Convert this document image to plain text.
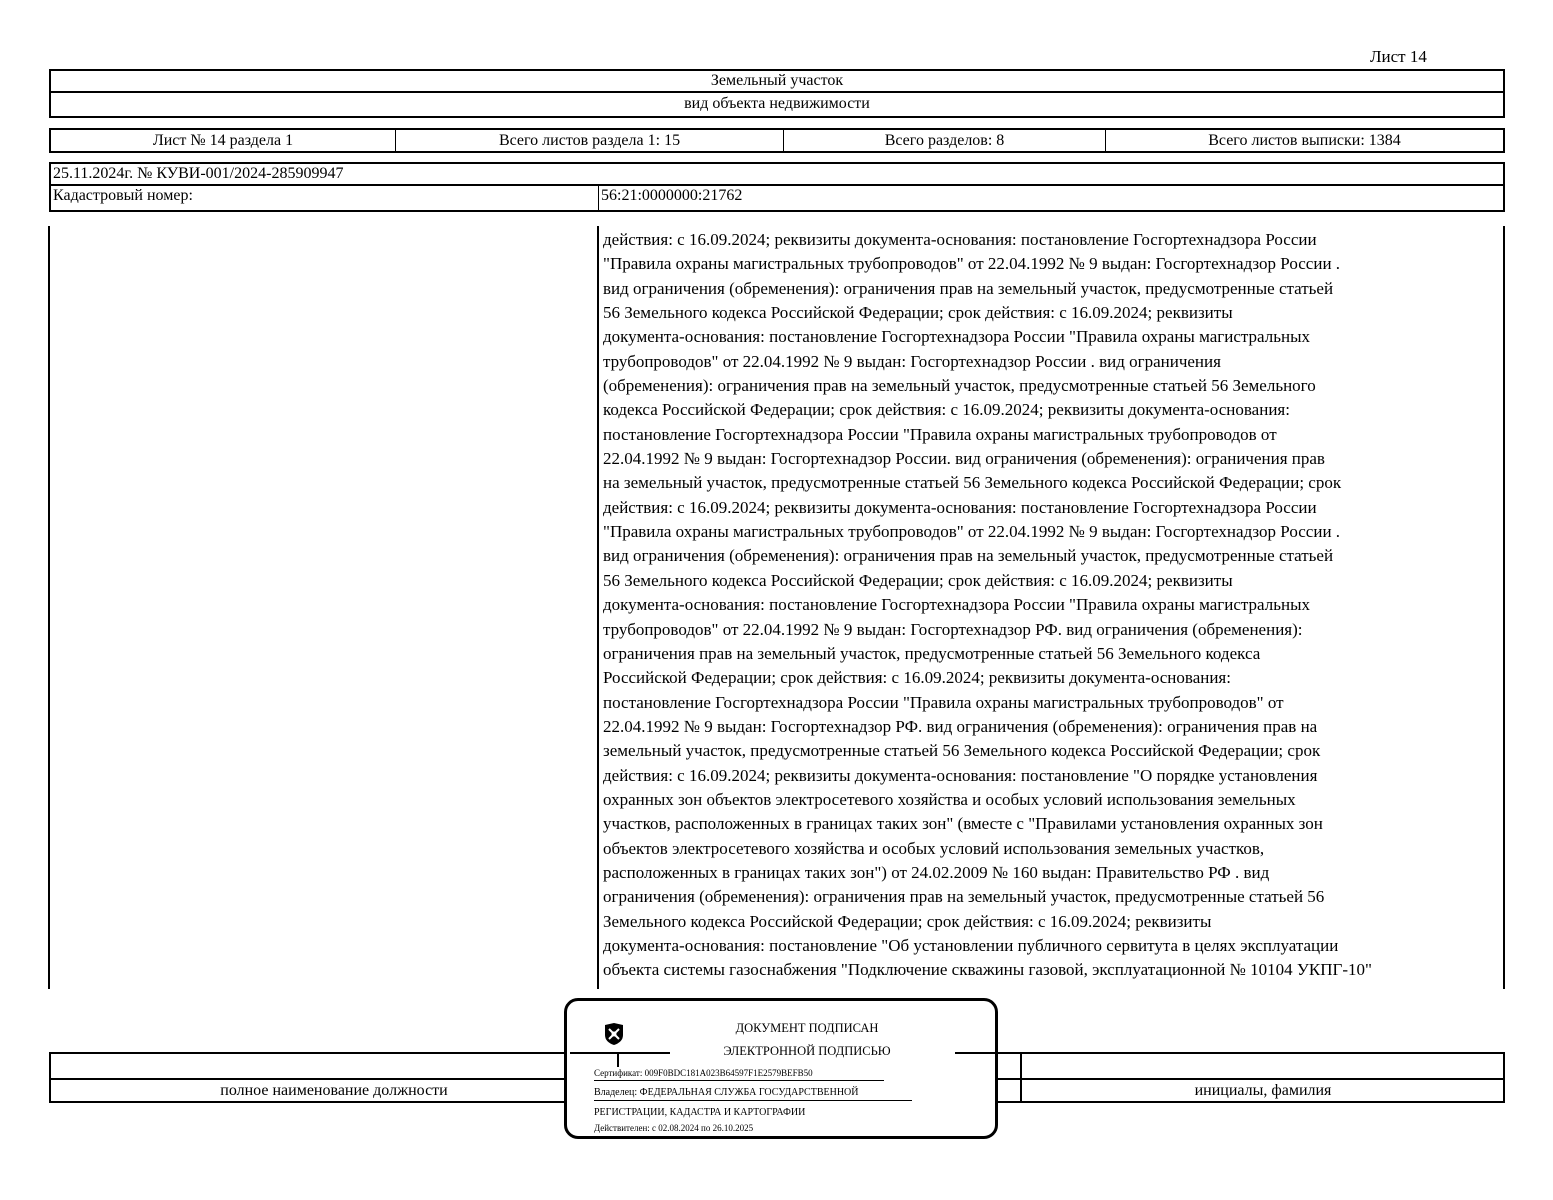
Лист 14
Земельный участок
вид объекта недвижимости
Лист № 14 раздела 1	Всего листов раздела 1: 15	Всего разделов: 8	Всего листов выписки: 1384
25.11.2024г. № КУВИ-001/2024-285909947
Кадастровый номер:	56:21:0000000:21762
действия: с 16.09.2024; реквизиты документа-основания: постановление Госгортехнадзора России
"Правила охраны магистральных трубопроводов" от 22.04.1992 № 9 выдан: Госгортехнадзор России .
вид ограничения (обременения): ограничения прав на земельный участок, предусмотренные статьей
56 Земельного кодекса Российской Федерации; срок действия: с 16.09.2024; реквизиты
документа-основания: постановление Госгортехнадзора России "Правила охраны магистральных
трубопроводов" от 22.04.1992 № 9 выдан: Госгортехнадзор России . вид ограничения
(обременения): ограничения прав на земельный участок, предусмотренные статьей 56 Земельного
кодекса Российской Федерации; срок действия: с 16.09.2024; реквизиты документа-основания:
постановление Госгортехнадзора России "Правила охраны магистральных трубопроводов от
22.04.1992 № 9 выдан: Госгортехнадзор России. вид ограничения (обременения): ограничения прав
на земельный участок, предусмотренные статьей 56 Земельного кодекса Российской Федерации; срок
действия: с 16.09.2024; реквизиты документа-основания: постановление Госгортехнадзора России
"Правила охраны магистральных трубопроводов" от 22.04.1992 № 9 выдан: Госгортехнадзор России .
вид ограничения (обременения): ограничения прав на земельный участок, предусмотренные статьей
56 Земельного кодекса Российской Федерации; срок действия: с 16.09.2024; реквизиты
документа-основания: постановление Госгортехнадзора России "Правила охраны магистральных
трубопроводов" от 22.04.1992 № 9 выдан: Госгортехнадзор РФ. вид ограничения (обременения):
ограничения прав на земельный участок, предусмотренные статьей 56 Земельного кодекса
Российской Федерации; срок действия: с 16.09.2024; реквизиты документа-основания:
постановление Госгортехнадзора России "Правила охраны магистральных трубопроводов" от
22.04.1992 № 9 выдан: Госгортехнадзор РФ. вид ограничения (обременения): ограничения прав на
земельный участок, предусмотренные статьей 56 Земельного кодекса Российской Федерации; срок
действия: с 16.09.2024; реквизиты документа-основания: постановление "О порядке установления
охранных зон объектов электросетевого хозяйства и особых условий использования земельных
участков, расположенных в границах таких зон" (вместе с "Правилами установления охранных зон
объектов электросетевого хозяйства и особых условий использования земельных участков,
расположенных в границах таких зон") от 24.02.2009 № 160 выдан: Правительство РФ . вид
ограничения (обременения): ограничения прав на земельный участок, предусмотренные статьей 56
Земельного кодекса Российской Федерации; срок действия: с 16.09.2024; реквизиты
документа-основания: постановление "Об установлении публичного сервитута в целях эксплуатации
объекта системы газоснабжения "Подключение скважины газовой, эксплуатационной № 10104 УКПГ-10"
полное наименование должности	инициалы, фамилия
ДОКУМЕНТ ПОДПИСАН
ЭЛЕКТРОННОЙ ПОДПИСЬЮ
Сертификат: 009F0BDC181A023B64597F1E2579BEFB50
Владелец: ФЕДЕРАЛЬНАЯ СЛУЖБА ГОСУДАРСТВЕННОЙ
РЕГИСТРАЦИИ, КАДАСТРА И КАРТОГРАФИИ
Действителен: с 02.08.2024 по 26.10.2025
